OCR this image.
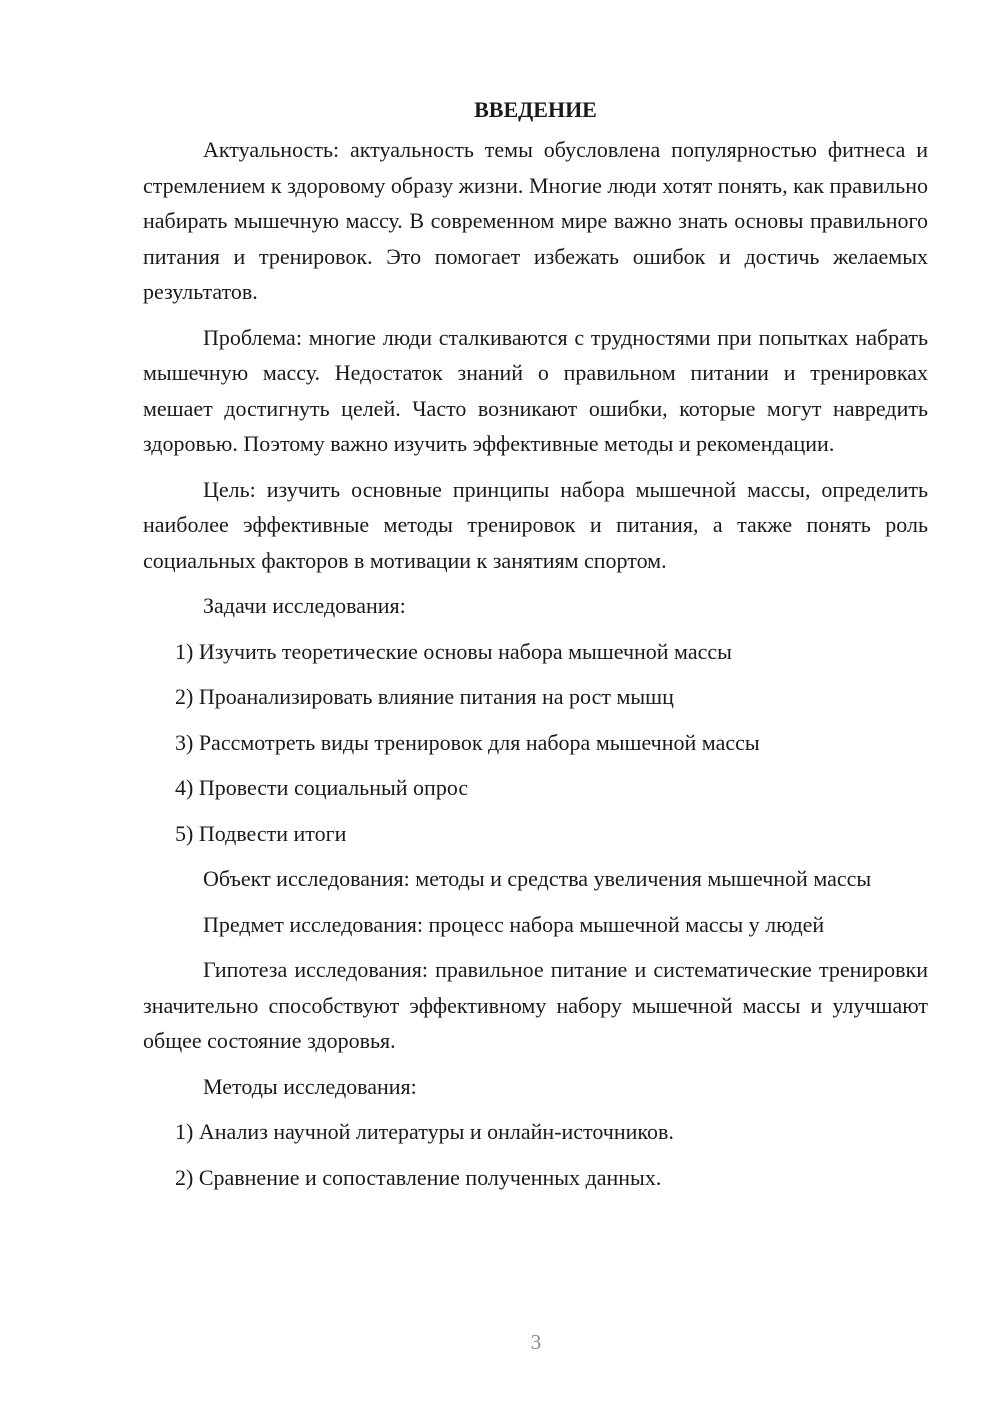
ВВЕДЕНИЕ

Актуальность: актуальность темы обусловлена популярностью фитнеса и стремлением к здоровому образу жизни. Многие люди хотят понять, как правильно набирать мышечную массу. В современном мире важно знать основы правильного питания и тренировок. Это помогает избежать ошибок и достичь желаемых результатов.

Проблема: многие люди сталкиваются с трудностями при попытках набрать мышечную массу. Недостаток знаний о правильном питании и тренировках мешает достигнуть целей. Часто возникают ошибки, которые могут навредить здоровью. Поэтому важно изучить эффективные методы и рекомендации.

Цель: изучить основные принципы набора мышечной массы, определить наиболее эффективные методы тренировок и питания, а также понять роль социальных факторов в мотивации к занятиям спортом.

Задачи исследования:

1) Изучить теоретические основы набора мышечной массы

2) Проанализировать влияние питания на рост мышц

3) Рассмотреть виды тренировок для набора мышечной массы

4) Провести социальный опрос

5) Подвести итоги

Объект исследования: методы и средства увеличения мышечной массы

Предмет исследования: процесс набора мышечной массы у людей

Гипотеза исследования: правильное питание и систематические тренировки значительно способствуют эффективному набору мышечной массы и улучшают общее состояние здоровья.

Методы исследования:

1) Анализ научной литературы и онлайн-источников.

2) Сравнение и сопоставление полученных данных.

3
